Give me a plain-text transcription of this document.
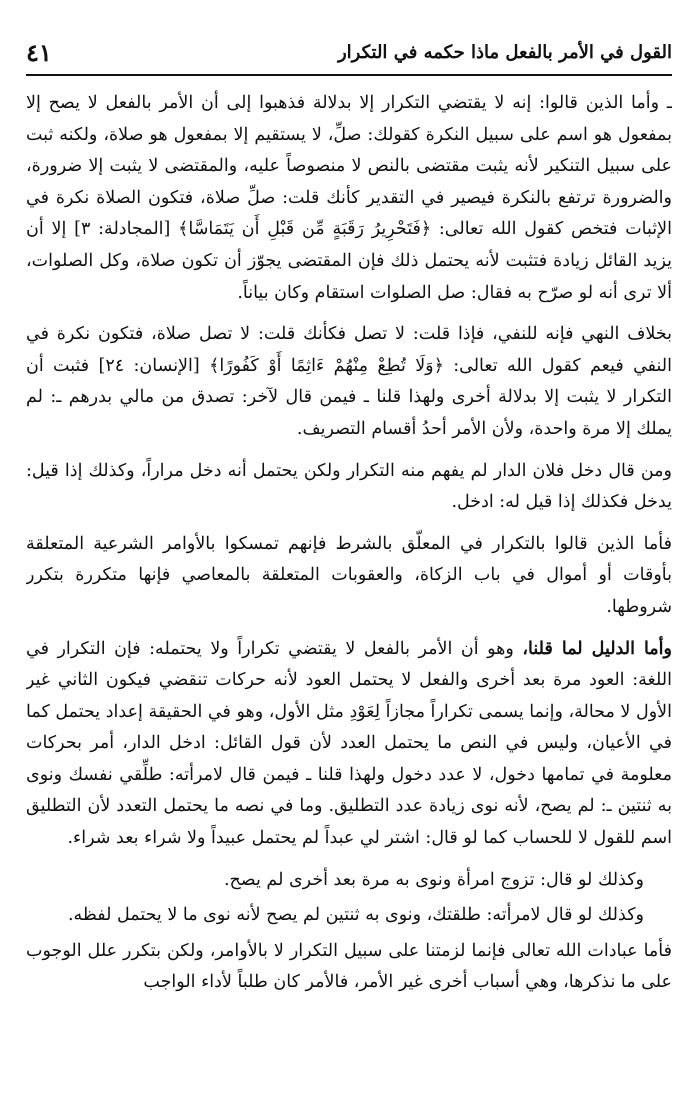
القول في الأمر بالفعل ماذا حكمه في التكرار
٤١

ـ وأما الذين قالوا: إنه لا يقتضي التكرار إلا بدلالة فذهبوا إلى أن الأمر بالفعل لا يصح إلا بمفعول هو اسم على سبيل النكرة كقولك: صلِّ، لا يستقيم إلا بمفعول هو صلاة، ولكنه ثبت على سبيل التنكير لأنه يثبت مقتضى بالنص لا منصوصاً عليه، والمقتضى لا يثبت إلا ضرورة، والضرورة ترتفع بالنكرة فيصير في التقدير كأنك قلت: صلِّ صلاة، فتكون الصلاة نكرة في الإثبات فتخص كقول الله تعالى: ﴿فَتَحْرِيرُ رَقَبَةٍ مِّن قَبْلِ أَن يَتَمَاسَّا﴾ [المجادلة: ٣] إلا أن يزيد القائل زيادة فتثبت لأنه يحتمل ذلك فإن المقتضى يجوّز أن تكون صلاة، وكل الصلوات، ألا ترى أنه لو صرّح به فقال: صل الصلوات استقام وكان بياناً.

بخلاف النهي فإنه للنفي، فإذا قلت: لا تصل فكأنك قلت: لا تصل صلاة، فتكون نكرة في النفي فيعم كقول الله تعالى: ﴿وَلَا تُطِعْ مِنْهُمْ ءَاثِمًا أَوْ كَفُورًا﴾ [الإنسان: ٢٤] فثبت أن التكرار لا يثبت إلا بدلالة أخرى ولهذا قلنا ـ فيمن قال لآخر: تصدق من مالي بدرهم ـ: لم يملك إلا مرة واحدة، ولأن الأمر أحدُ أقسام التصريف.

ومن قال دخل فلان الدار لم يفهم منه التكرار ولكن يحتمل أنه دخل مراراً، وكذلك إذا قيل: يدخل فكذلك إذا قيل له: ادخل.

فأما الذين قالوا بالتكرار في المعلّق بالشرط فإنهم تمسكوا بالأوامر الشرعية المتعلقة بأوقات أو أموال في باب الزكاة، والعقوبات المتعلقة بالمعاصي فإنها متكررة بتكرر شروطها.

وأما الدليل لما قلنا، وهو أن الأمر بالفعل لا يقتضي تكراراً ولا يحتمله: فإن التكرار في اللغة: العود مرة بعد أخرى والفعل لا يحتمل العود لأنه حركات تنقضي فيكون الثاني غير الأول لا محالة، وإنما يسمى تكراراً مجازاً لِعَوْدِ مثل الأول، وهو في الحقيقة إعداد يحتمل كما في الأعيان، وليس في النص ما يحتمل العدد لأن قول القائل: ادخل الدار، أمر بحركات معلومة في تمامها دخول، لا عدد دخول ولهذا قلنا ـ فيمن قال لامرأته: طلِّقي نفسك ونوى به ثنتين ـ: لم يصح، لأنه نوى زيادة عدد التطليق. وما في نصه ما يحتمل التعدد لأن التطليق اسم للقول لا للحساب كما لو قال: اشتر لي عبداً لم يحتمل عبيداً ولا شراء بعد شراء.

وكذلك لو قال: تزوج امرأة ونوى به مرة بعد أخرى لم يصح.

وكذلك لو قال لامرأته: طلقتك، ونوى به ثنتين لم يصح لأنه نوى ما لا يحتمل لفظه.

فأما عبادات الله تعالى فإنما لزمتنا على سبيل التكرار لا بالأوامر، ولكن بتكرر علل الوجوب على ما نذكرها، وهي أسباب أخرى غير الأمر، فالأمر كان طلباً لأداء الواجب
